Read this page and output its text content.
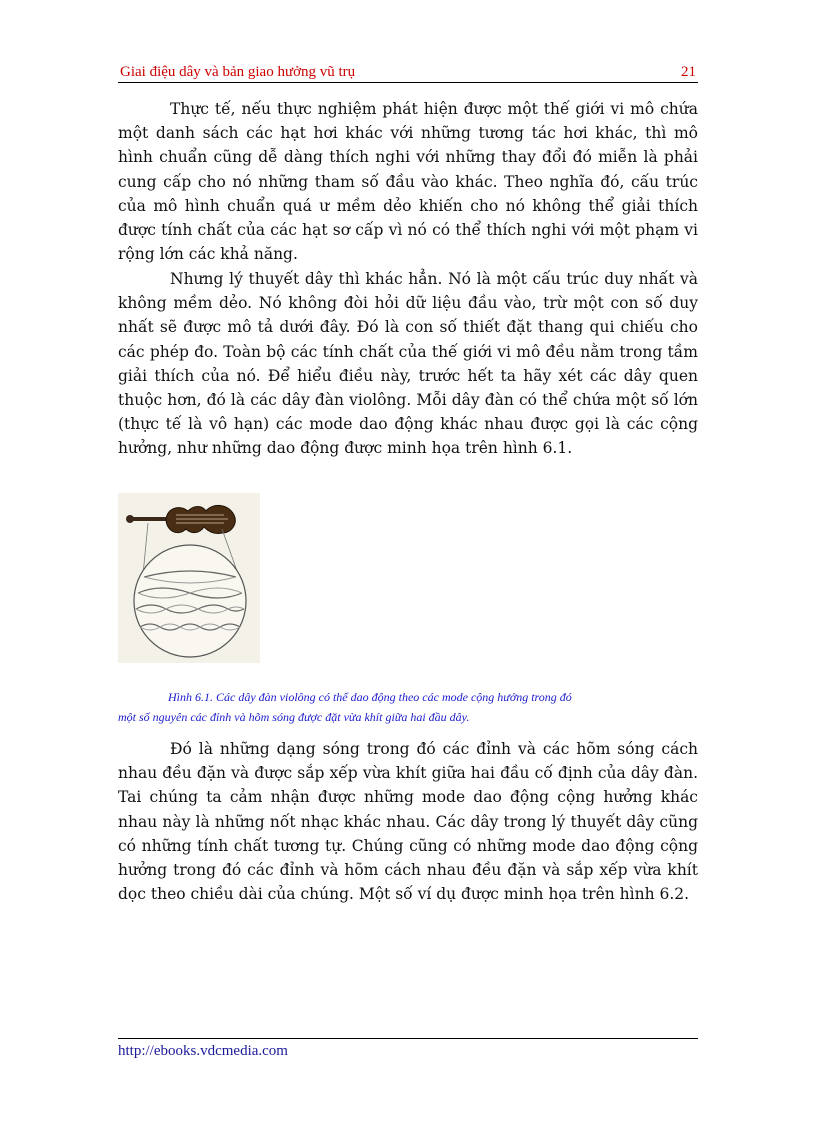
Giai điệu dây và bản giao hưởng vũ trụ	21

Thực tế, nếu thực nghiệm phát hiện được một thế giới vi mô chứa một danh sách các hạt hơi khác với những tương tác hơi khác, thì mô hình chuẩn cũng dễ dàng thích nghi với những thay đổi đó miễn là phải cung cấp cho nó những tham số đầu vào khác. Theo nghĩa đó, cấu trúc của mô hình chuẩn quá ư mềm dẻo khiến cho nó không thể giải thích được tính chất của các hạt sơ cấp vì nó có thể thích nghi với một phạm vi rộng lớn các khả năng.

Nhưng lý thuyết dây thì khác hẳn. Nó là một cấu trúc duy nhất và không mềm dẻo. Nó không đòi hỏi dữ liệu đầu vào, trừ một con số duy nhất sẽ được mô tả dưới đây. Đó là con số thiết đặt thang qui chiếu cho các phép đo. Toàn bộ các tính chất của thế giới vi mô đều nằm trong tầm giải thích của nó. Để hiểu điều này, trước hết ta hãy xét các dây quen thuộc hơn, đó là các dây đàn violông. Mỗi dây đàn có thể chứa một số lớn (thực tế là vô hạn) các mode dao động khác nhau được gọi là các cộng hưởng, như những dao động được minh họa trên hình 6.1.

Hình 6.1. Các dây đàn violông có thể dao động theo các mode cộng hưởng trong đó
một số nguyên các đỉnh và hõm sóng được đặt vừa khít giữa hai đầu dây.

Đó là những dạng sóng trong đó các đỉnh và các hõm sóng cách nhau đều đặn và được sắp xếp vừa khít giữa hai đầu cố định của dây đàn. Tai chúng ta cảm nhận được những mode dao động cộng hưởng khác nhau này là những nốt nhạc khác nhau. Các dây trong lý thuyết dây cũng có những tính chất tương tự. Chúng cũng có những mode dao động cộng hưởng trong đó các đỉnh và hõm cách nhau đều đặn và sắp xếp vừa khít dọc theo chiều dài của chúng. Một số ví dụ được minh họa trên hình 6.2.

http://ebooks.vdcmedia.com
